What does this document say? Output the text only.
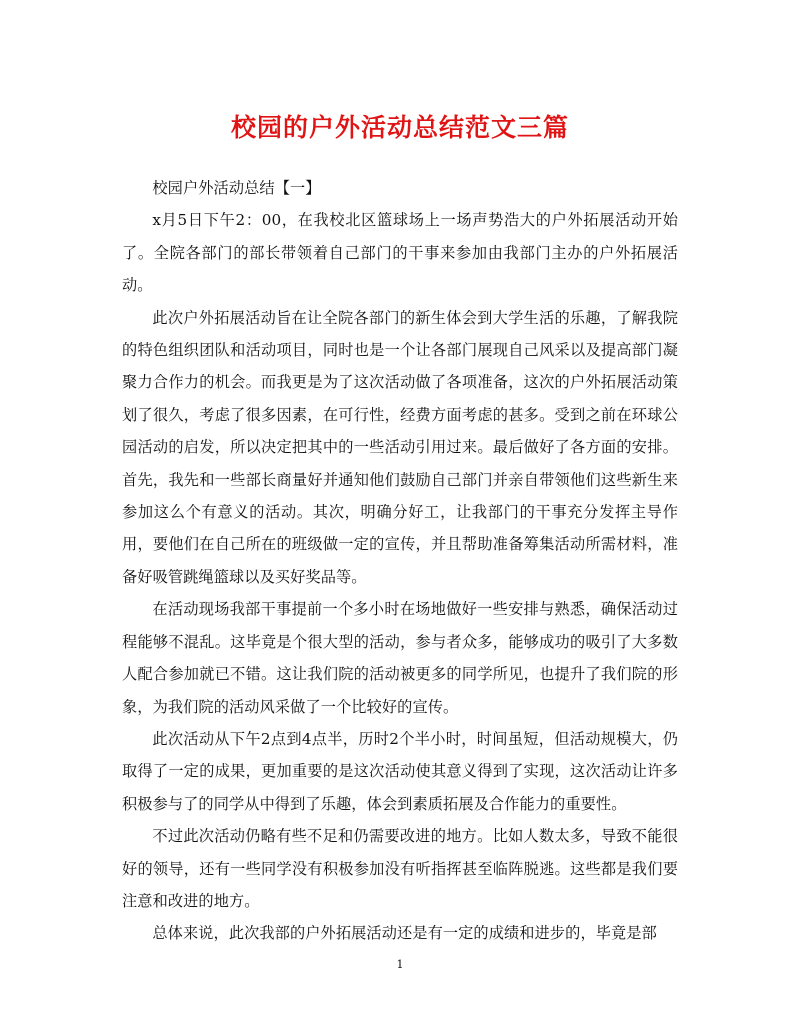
校园的户外活动总结范文三篇

校园户外活动总结【一】

x月5日下午2：00，在我校北区篮球场上一场声势浩大的户外拓展活动开始了。全院各部门的部长带领着自己部门的干事来参加由我部门主办的户外拓展活动。

此次户外拓展活动旨在让全院各部门的新生体会到大学生活的乐趣，了解我院的特色组织团队和活动项目，同时也是一个让各部门展现自己风采以及提高部门凝聚力合作力的机会。而我更是为了这次活动做了各项准备，这次的户外拓展活动策划了很久，考虑了很多因素，在可行性，经费方面考虑的甚多。受到之前在环球公园活动的启发，所以决定把其中的一些活动引用过来。最后做好了各方面的安排。首先，我先和一些部长商量好并通知他们鼓励自己部门并亲自带领他们这些新生来参加这么个有意义的活动。其次，明确分好工，让我部门的干事充分发挥主导作用，要他们在自己所在的班级做一定的宣传，并且帮助准备筹集活动所需材料，准备好吸管跳绳篮球以及买好奖品等。

在活动现场我部干事提前一个多小时在场地做好一些安排与熟悉，确保活动过程能够不混乱。这毕竟是个很大型的活动，参与者众多，能够成功的吸引了大多数人配合参加就已不错。这让我们院的活动被更多的同学所见，也提升了我们院的形象，为我们院的活动风采做了一个比较好的宣传。

此次活动从下午2点到4点半，历时2个半小时，时间虽短，但活动规模大，仍取得了一定的成果，更加重要的是这次活动使其意义得到了实现，这次活动让许多积极参与了的同学从中得到了乐趣，体会到素质拓展及合作能力的重要性。

不过此次活动仍略有些不足和仍需要改进的地方。比如人数太多，导致不能很好的领导，还有一些同学没有积极参加没有听指挥甚至临阵脱逃。这些都是我们要注意和改进的地方。

总体来说，此次我部的户外拓展活动还是有一定的成绩和进步的，毕竟是部

1
